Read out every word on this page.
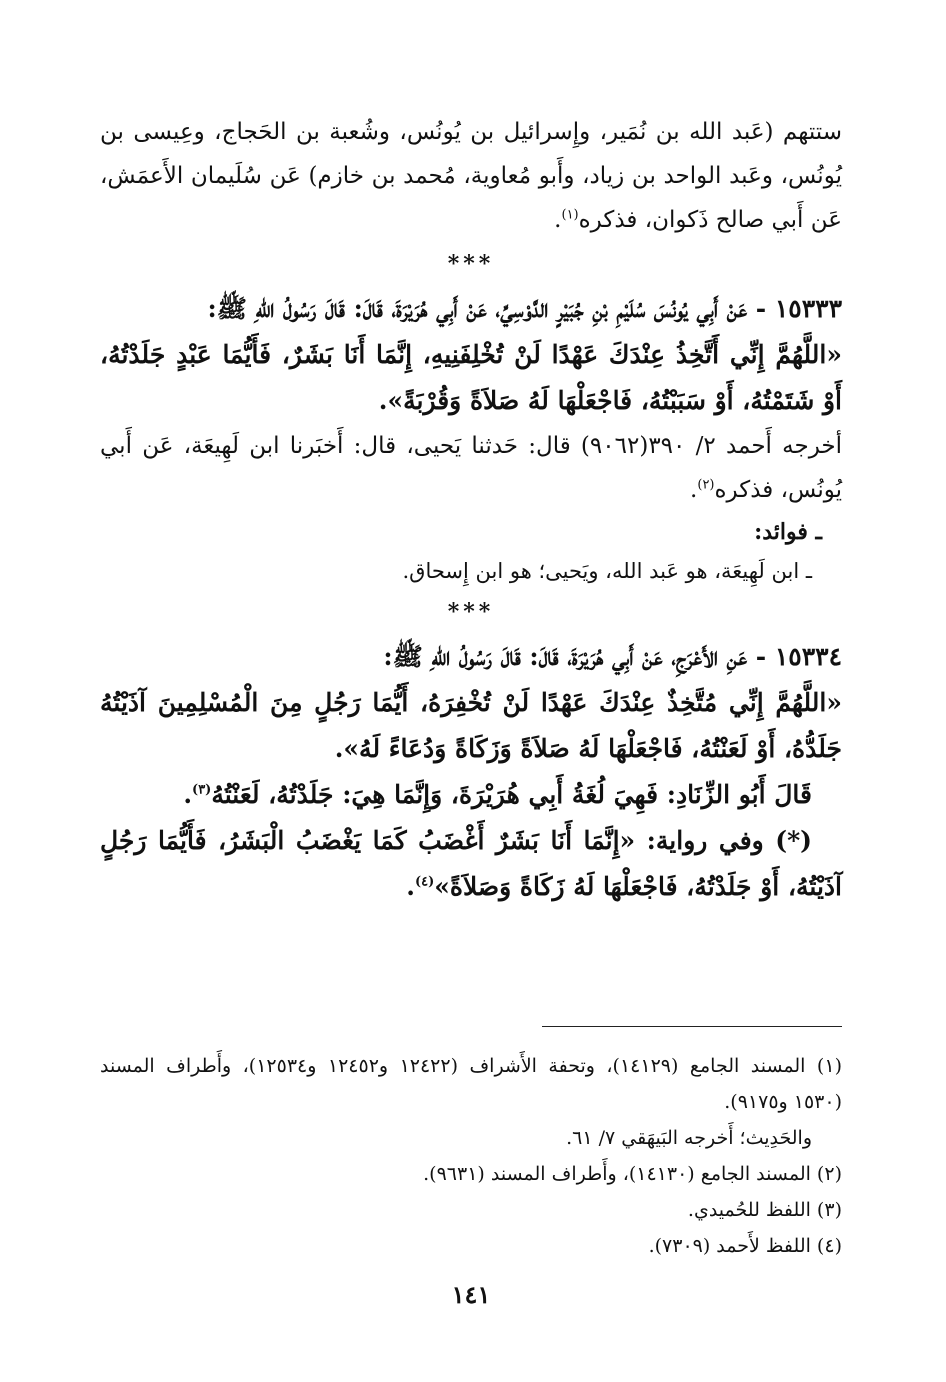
ستتهم (عَبد الله بن نُمَير، وإِسرائيل بن يُونُس، وشُعبة بن الحَجاج، وعِيسى بن يُونُس، وعَبد الواحد بن زياد، وأَبو مُعاوية، مُحمد بن خازم) عَن سُلَيمان الأَعمَش، عَن أَبي صالح ذَكوان، فذكره$^{(١)}$.

***

١٥٣٣٣ - عَنْ أَبِي يُونُسَ سُلَيْمِ بْنِ جُبَيْرٍ الدَّوْسِيِّ، عَنْ أَبِي هُرَيْرَةَ، قَالَ: قَالَ رَسُولُ اللهِ ﷺ:

«اللَّهُمَّ إِنِّي أَتَّخِذُ عِنْدَكَ عَهْدًا لَنْ تُخْلِفَنِيهِ، إِنَّمَا أَنَا بَشَرٌ، فَأَيُّمَا عَبْدٍ جَلَدْتُهُ، أَوْ شَتَمْتُهُ، أَوْ سَبَبْتُهُ، فَاجْعَلْهَا لَهُ صَلاَةً وَقُرْبَةً».

أخرجه أَحمد ٢/ ٣٩٠(٩٠٦٢) قال: حَدثنا يَحيى، قال: أَخبَرنا ابن لَهِيعَة، عَن أَبي يُونُس، فذكره$^{(٢)}$.

ـ فوائد:

ـ ابن لَهِيعَة، هو عَبد الله، ويَحيى؛ هو ابن إِسحاق.

***

١٥٣٣٤ - عَنِ الأَعْرَجِ، عَنْ أَبِي هُرَيْرَةَ، قَالَ: قَالَ رَسُولُ اللهِ ﷺ:

«اللَّهُمَّ إِنِّي مُتَّخِذٌ عِنْدَكَ عَهْدًا لَنْ تُخْفِرَهُ، أَيُّمَا رَجُلٍ مِنَ الْمُسْلِمِينَ آذَيْتُهُ جَلَدُّهُ، أَوْ لَعَنْتُهُ، فَاجْعَلْهَا لَهُ صَلاَةً وَزَكَاةً وَدُعَاءً لَهُ».

قَالَ أَبُو الزِّنَادِ: فَهِيَ لُغَةُ أَبِي هُرَيْرَةَ، وَإِنَّمَا هِيَ: جَلَدْتُهُ، لَعَنْتُهُ$^{(٣)}$.

(*) وفي رواية: «إِنَّمَا أَنَا بَشَرٌ أَغْضَبُ كَمَا يَغْضَبُ الْبَشَرُ، فَأَيُّمَا رَجُلٍ آذَيْتُهُ، أَوْ جَلَدْتُهُ، فَاجْعَلْهَا لَهُ زَكَاةً وَصَلاَةً»$^{(٤)}$.

(١) المسند الجامع (١٤١٢٩)، وتحفة الأَشراف (١٢٤٢٢ و١٢٤٥٢ و١٢٥٣٤)، وأَطراف المسند (١٥٣٠ و٩١٧٥).

والحَدِيث؛ أَخرجه البَيهَقي ٧/ ٦١.

(٢) المسند الجامع (١٤١٣٠)، وأَطراف المسند (٩٦٣١).

(٣) اللفظ للحُميدي.

(٤) اللفظ لأَحمد (٧٣٠٩).

١٤١
